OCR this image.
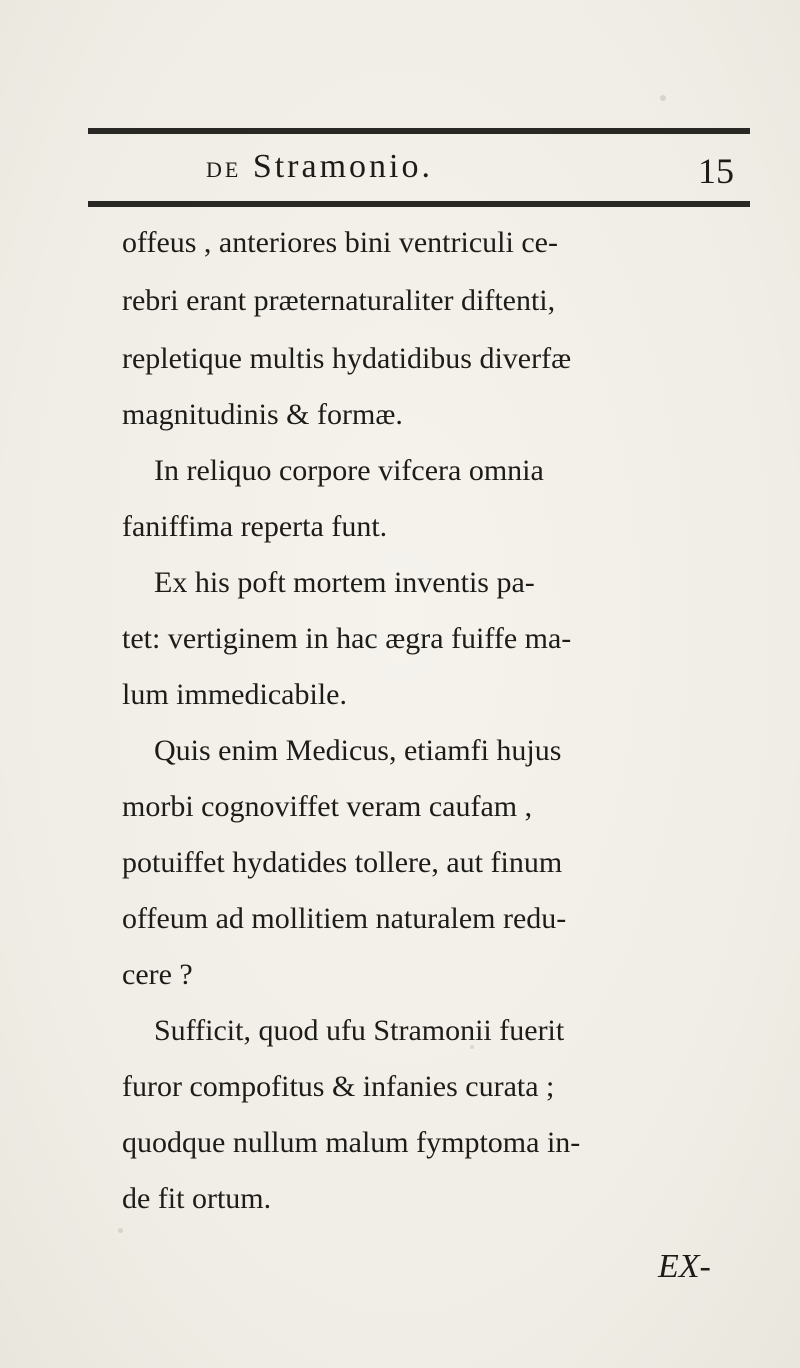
DE Stramonio.	15
offeus , anteriores bini ventriculi ce-
rebri erant præternaturaliter diftenti,
repletique multis hydatidibus diverfæ
magnitudinis & formæ.
In reliquo corpore vifcera omnia
faniffima reperta funt.
Ex his poft mortem inventis pa-
tet: vertiginem in hac ægra fuiffe ma-
lum immedicabile.
Quis enim Medicus, etiamfi hujus
morbi cognoviffet veram caufam ,
potuiffet hydatides tollere, aut finum
offeum ad mollitiem naturalem redu-
cere ?
Sufficit, quod ufu Stramonii fuerit
furor compofitus & infanies curata ;
quodque nullum malum fymptoma in-
de fit ortum.
EX-
